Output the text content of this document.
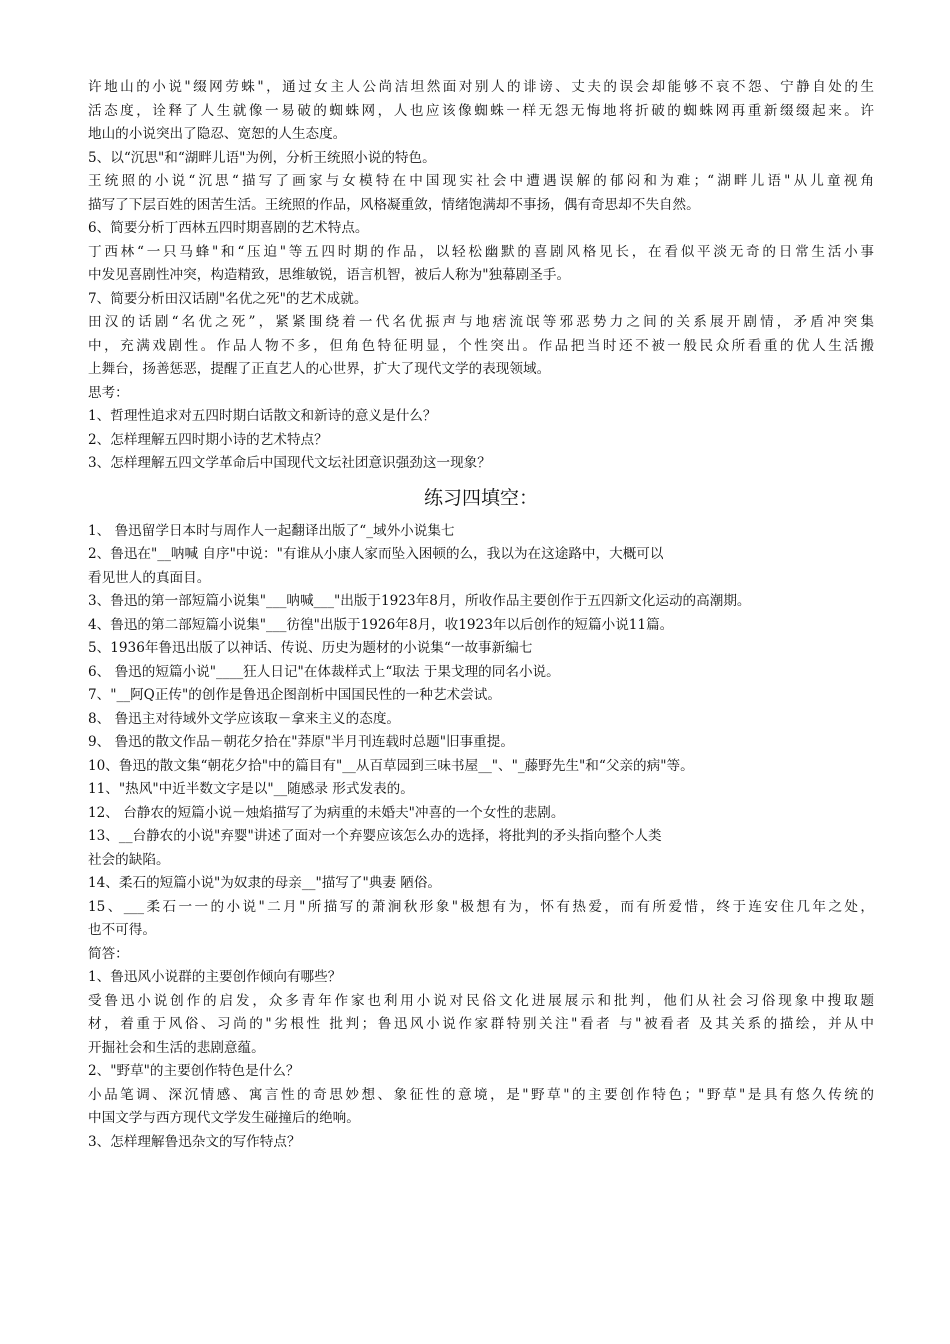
许地山的小说"缀网劳蛛"，通过女主人公尚洁坦然面对别人的诽谤、丈夫的误会却能够不哀不怨、宁静自处的生
活态度，诠释了人生就像一易破的蜘蛛网，人也应该像蜘蛛一样无怨无悔地将折破的蜘蛛网再重新缀缀起来。许
地山的小说突出了隐忍、宽恕的人生态度。
5、以“沉思"和“湖畔儿语"为例，分析王统照小说的特色。
王统照的小说“沉思“描写了画家与女模特在中国现实社会中遭遇误解的郁闷和为难；“湖畔儿语"从儿童视角
描写了下层百姓的困苦生活。王统照的作品，风格凝重敛，情绪饱满却不事扬，偶有奇思却不失自然。
6、简要分析丁西林五四时期喜剧的艺术特点。
丁西林“一只马蜂"和“压迫"等五四时期的作品，以轻松幽默的喜剧风格见长，在看似平淡无奇的日常生活小事
中发见喜剧性冲突，构造精致，思维敏锐，语言机智，被后人称为"独幕剧圣手。
7、简要分析田汉话剧"名优之死"的艺术成就。
田汉的话剧“名优之死”，紧紧围绕着一代名优振声与地痞流氓等邪恶势力之间的关系展开剧情，矛盾冲突集
中，充满戏剧性。作品人物不多，但角色特征明显，个性突出。作品把当时还不被一般民众所看重的优人生活搬
上舞台，扬善惩恶，提醒了正直艺人的心世界，扩大了现代文学的表现领域。
思考：
1、哲理性追求对五四时期白话散文和新诗的意义是什么？
2、怎样理解五四时期小诗的艺术特点？
3、怎样理解五四文学革命后中国现代文坛社团意识强劲这一现象？
练习四填空：
1、 鲁迅留学日本时与周作人一起翻译出版了“_域外小说集七
2、鲁迅在"__呐喊 自序"中说："有谁从小康人家而坠入困顿的么，我以为在这途路中，大概可以
看见世人的真面目。
3、鲁迅的第一部短篇小说集"___呐喊___"出版于1923年8月，所收作品主要创作于五四新文化运动的高潮期。
4、鲁迅的第二部短篇小说集"___彷徨"出版于1926年8月，收1923年以后创作的短篇小说11篇。
5、1936年鲁迅出版了以神话、传说、历史为题材的小说集“一故事新编七
6、 鲁迅的短篇小说"____狂人日记"在体裁样式上“取法 于果戈理的同名小说。
7、"__阿Q正传"的创作是鲁迅企图剖析中国国民性的一种艺术尝试。
8、 鲁迅主对待域外文学应该取－拿来主义的态度。
9、 鲁迅的散文作品－朝花夕拾在"莽原"半月刊连载时总题"旧事重提。
10、鲁迅的散文集“朝花夕拾"中的篇目有"__从百草园到三味书屋__"、"_藤野先生"和“父亲的病"等。
11、"热风"中近半数文字是以"__随感录 形式发表的。
12、 台静农的短篇小说－烛焰描写了为病重的未婚夫"冲喜的一个女性的悲剧。
13、__台静农的小说"弃婴"讲述了面对一个弃婴应该怎么办的选择，将批判的矛头指向整个人类
社会的缺陷。
14、柔石的短篇小说"为奴隶的母亲__"描写了"典妻 陋俗。
15、___柔石一一的小说"二月"所描写的萧涧秋形象"极想有为，怀有热爱，而有所爱惜，终于连安住几年之处，
也不可得。
简答：
1、鲁迅风小说群的主要创作倾向有哪些？
受鲁迅小说创作的启发，众多青年作家也利用小说对民俗文化进展展示和批判，他们从社会习俗现象中搜取题
材，着重于风俗、习尚的"劣根性 批判；鲁迅风小说作家群特别关注"看者 与"被看者 及其关系的描绘，并从中
开掘社会和生活的悲剧意蕴。
2、"野草"的主要创作特色是什么？
小品笔调、深沉情感、寓言性的奇思妙想、象征性的意境，是"野草"的主要创作特色；"野草"是具有悠久传统的
中国文学与西方现代文学发生碰撞后的绝响。
3、怎样理解鲁迅杂文的写作特点？
